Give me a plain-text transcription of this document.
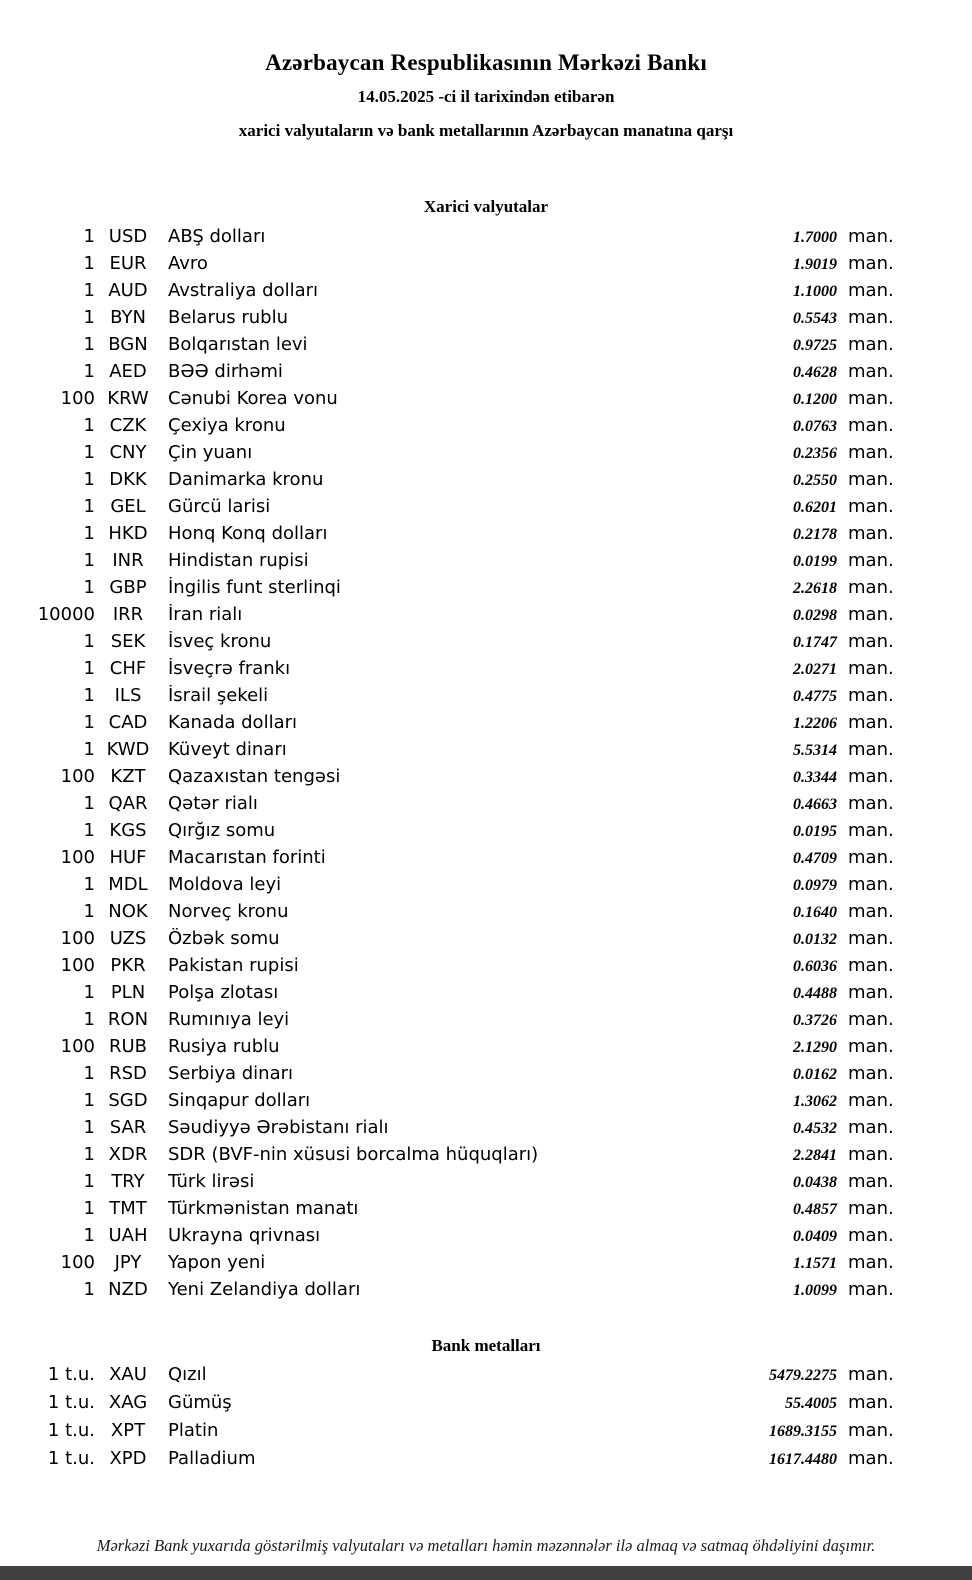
Azərbaycan Respublikasının Mərkəzi Bankı
14.05.2025 -ci il tarixindən etibarən
xarici valyutaların və bank metallarının Azərbaycan manatına qarşı
Xarici valyutalar
1 USD	ABŞ dolları	1.7000 man.
1 EUR	Avro	1.9019 man.
1 AUD	Avstraliya dolları	1.1000 man.
1 BYN	Belarus rublu	0.5543 man.
1 BGN	Bolqarıstan levi	0.9725 man.
1 AED	BƏƏ dirhəmi	0.4628 man.
100 KRW	Cənubi Korea vonu	0.1200 man.
1 CZK	Çexiya kronu	0.0763 man.
1 CNY	Çin yuanı	0.2356 man.
1 DKK	Danimarka kronu	0.2550 man.
1 GEL	Gürcü larisi	0.6201 man.
1 HKD	Honq Konq dolları	0.2178 man.
1 INR	Hindistan rupisi	0.0199 man.
1 GBP	İngilis funt sterlinqi	2.2618 man.
10000 IRR	İran rialı	0.0298 man.
1 SEK	İsveç kronu	0.1747 man.
1 CHF	İsveçrə frankı	2.0271 man.
1	ILS	İsrail şekeli	0.4775 man.
1 CAD	Kanada dolları	1.2206 man.
1 KWD	Küveyt dinarı	5.5314 man.
100 KZT	Qazaxıstan tengəsi	0.3344 man.
1 QAR	Qətər rialı	0.4663 man.
1 KGS	Qırğız somu	0.0195 man.
100 HUF	Macarıstan forinti	0.4709 man.
1 MDL	Moldova leyi	0.0979 man.
1 NOK	Norveç kronu	0.1640 man.
100 UZS	Özbək somu	0.0132 man.
100 PKR	Pakistan rupisi	0.6036 man.
1 PLN	Polşa zlotası	0.4488 man.
1 RON	Rumınıya leyi	0.3726 man.
100 RUB	Rusiya rublu	2.1290 man.
1 RSD	Serbiya dinarı	0.0162 man.
1 SGD	Sinqapur dolları	1.3062 man.
1 SAR	Səudiyyə Ərəbistanı rialı	0.4532 man.
1 XDR	SDR (BVF-nin xüsusi borcalma hüquqları)	2.2841 man.
1 TRY	Türk lirəsi	0.0438 man.
1 TMT	Türkmənistan manatı	0.4857 man.
1 UAH	Ukrayna qrivnası	0.0409 man.
100	JPY	Yapon yeni	1.1571 man.
1 NZD	Yeni Zelandiya dolları	1.0099 man.
Bank metalları
1 t.u. XAU	Qızıl	5479.2275 man.
1 t.u. XAG	Gümüş	55.4005 man.
1 t.u. XPT	Platin	1689.3155 man.
1 t.u. XPD	Palladium	1617.4480 man.
Mərkəzi Bank yuxarıda göstərilmiş valyutaları və metalları həmin məzənnələr ilə almaq və satmaq öhdəliyini daşımır.
